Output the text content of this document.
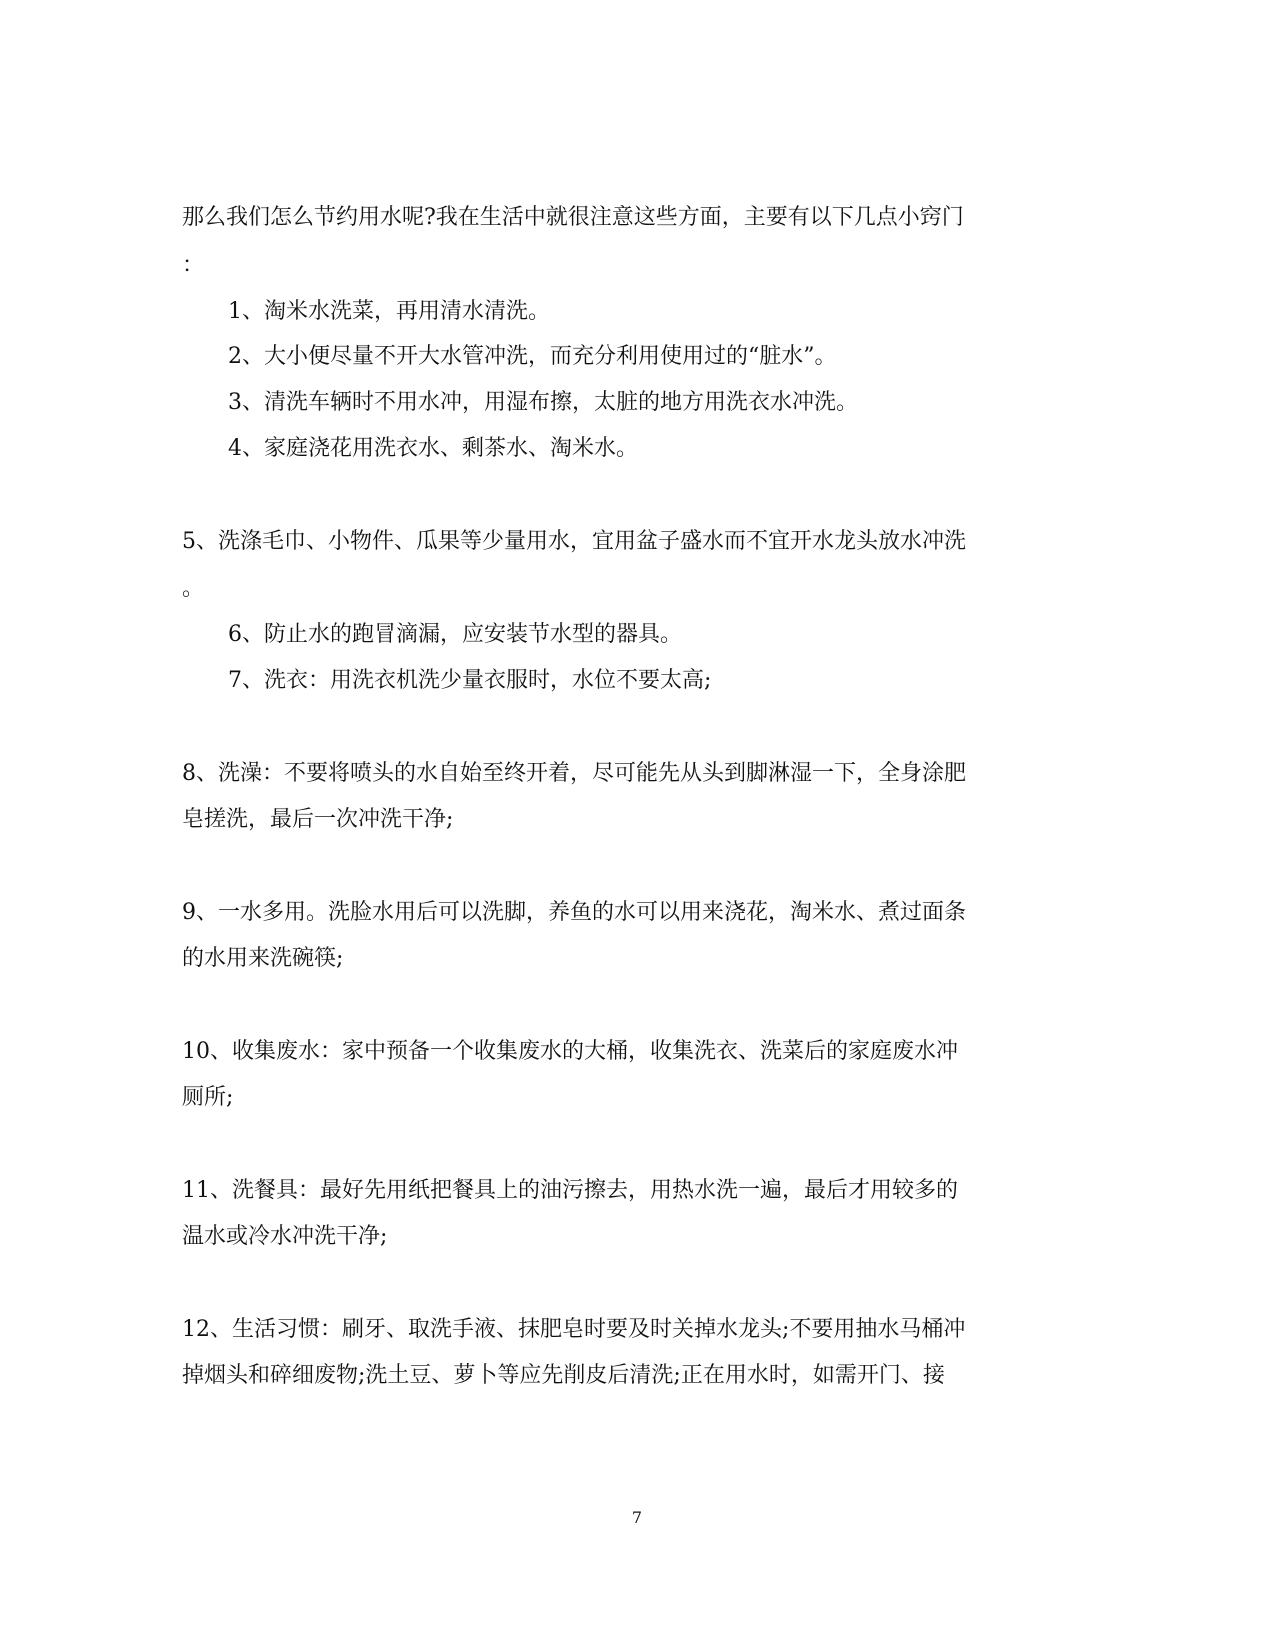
那么我们怎么节约用水呢?我在生活中就很注意这些方面，主要有以下几点小窍门

：

1、淘米水洗菜，再用清水清洗。

2、大小便尽量不开大水管冲洗，而充分利用使用过的“脏水”。

3、清洗车辆时不用水冲，用湿布擦，太脏的地方用洗衣水冲洗。

4、家庭浇花用洗衣水、剩茶水、淘米水。

5、洗涤毛巾、小物件、瓜果等少量用水，宜用盆子盛水而不宜开水龙头放水冲洗

。

6、防止水的跑冒滴漏，应安装节水型的器具。

7、洗衣：用洗衣机洗少量衣服时，水位不要太高;

8、洗澡：不要将喷头的水自始至终开着，尽可能先从头到脚淋湿一下，全身涂肥

皂搓洗，最后一次冲洗干净;

9、一水多用。洗脸水用后可以洗脚，养鱼的水可以用来浇花，淘米水、煮过面条

的水用来洗碗筷;

10、收集废水：家中预备一个收集废水的大桶，收集洗衣、洗菜后的家庭废水冲

厕所;

11、洗餐具：最好先用纸把餐具上的油污擦去，用热水洗一遍，最后才用较多的

温水或冷水冲洗干净;

12、生活习惯：刷牙、取洗手液、抹肥皂时要及时关掉水龙头;不要用抽水马桶冲

掉烟头和碎细废物;洗土豆、萝卜等应先削皮后清洗;正在用水时，如需开门、接

7
